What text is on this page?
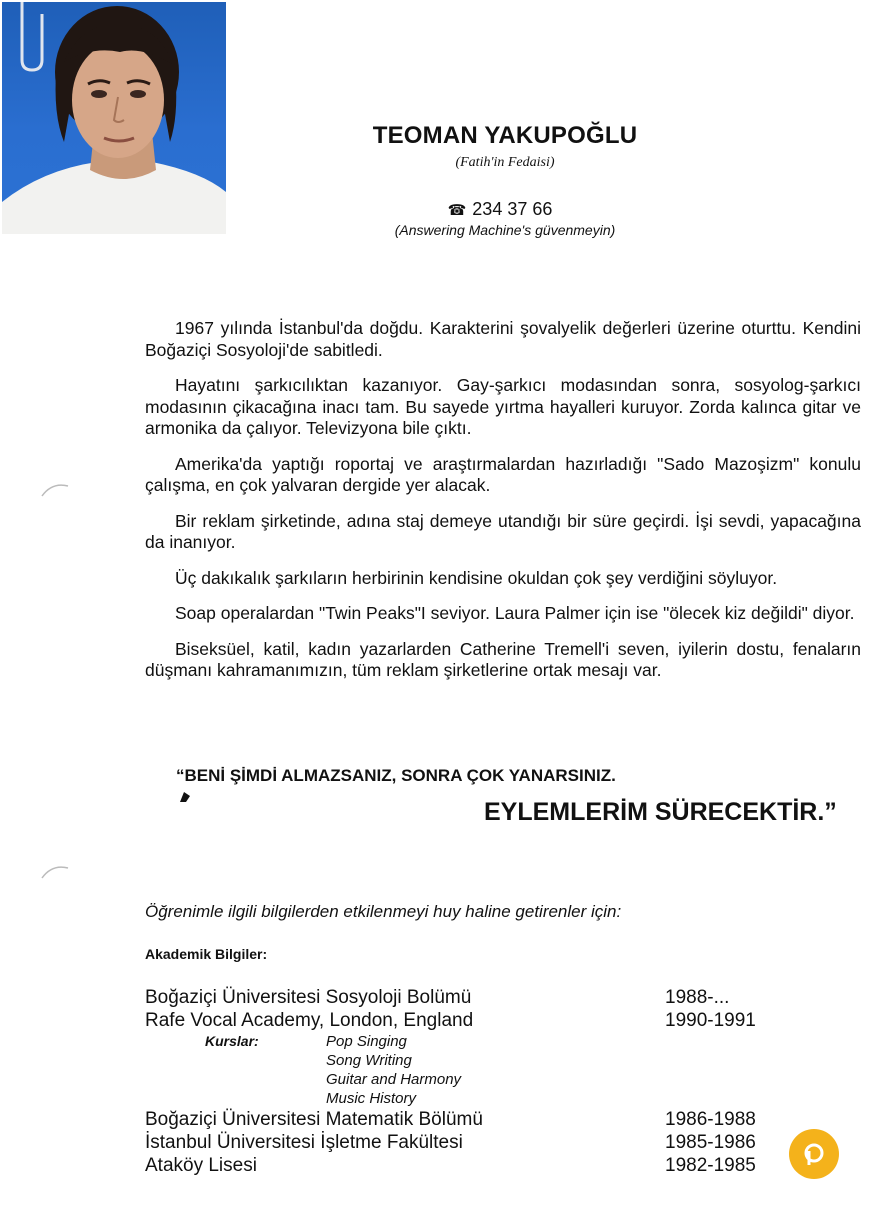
TEOMAN YAKUPOĞLU
(Fatih'in Fedaisi)
☎ 234 37 66
(Answering Machine's güvenmeyin)

1967 yılında İstanbul'da doğdu. Karakterini şovalyelik değerleri üzerine oturttu. Kendini Boğaziçi Sosyoloji'de sabitledi.

Hayatını şarkıcılıktan kazanıyor. Gay-şarkıcı modasından sonra, sosyolog-şarkıcı modasının çikacağına inacı tam. Bu sayede yırtma hayalleri kuruyor. Zorda kalınca gitar ve armonika da çalıyor. Televizyona bile çıktı.

Amerika'da yaptığı roportaj ve araştırmalardan hazırladığı "Sado Mazoşizm" konulu çalışma, en çok yalvaran dergide yer alacak.

Bir reklam şirketinde, adına staj demeye utandığı bir süre geçirdi. İşi sevdi, yapacağına da inanıyor.

Üç dakıkalık şarkıların herbirinin kendisine okuldan çok şey verdiğini söyluyor.

Soap operalardan "Twin Peaks"I seviyor. Laura Palmer için ise "ölecek kiz değildi" diyor.

Biseksüel, katil, kadın yazarlarden Catherine Tremell'i seven, iyilerin dostu, fenaların düşmanı kahramanımızın, tüm reklam şirketlerine ortak mesajı var.

“BENİ ŞİMDİ ALMAZSANIZ, SONRA ÇOK YANARSINIZ.
EYLEMLERİM SÜRECEKTİR.”
Öğrenimle ilgili bilgilerden etkilenmeyi huy haline getirenler için:
Akademik Bilgiler:
Boğaziçi Üniversitesi Sosyoloji Bolümü	1988-...
Rafe Vocal Academy, London, England	1990-1991
Kurslar:	Pop Singing
Song Writing
Guitar and Harmony
Music History
Boğaziçi Üniversitesi Matematik Bölümü	1986-1988
İstanbul Üniversitesi İşletme Fakültesi	1985-1986
Ataköy Lisesi	1982-1985
